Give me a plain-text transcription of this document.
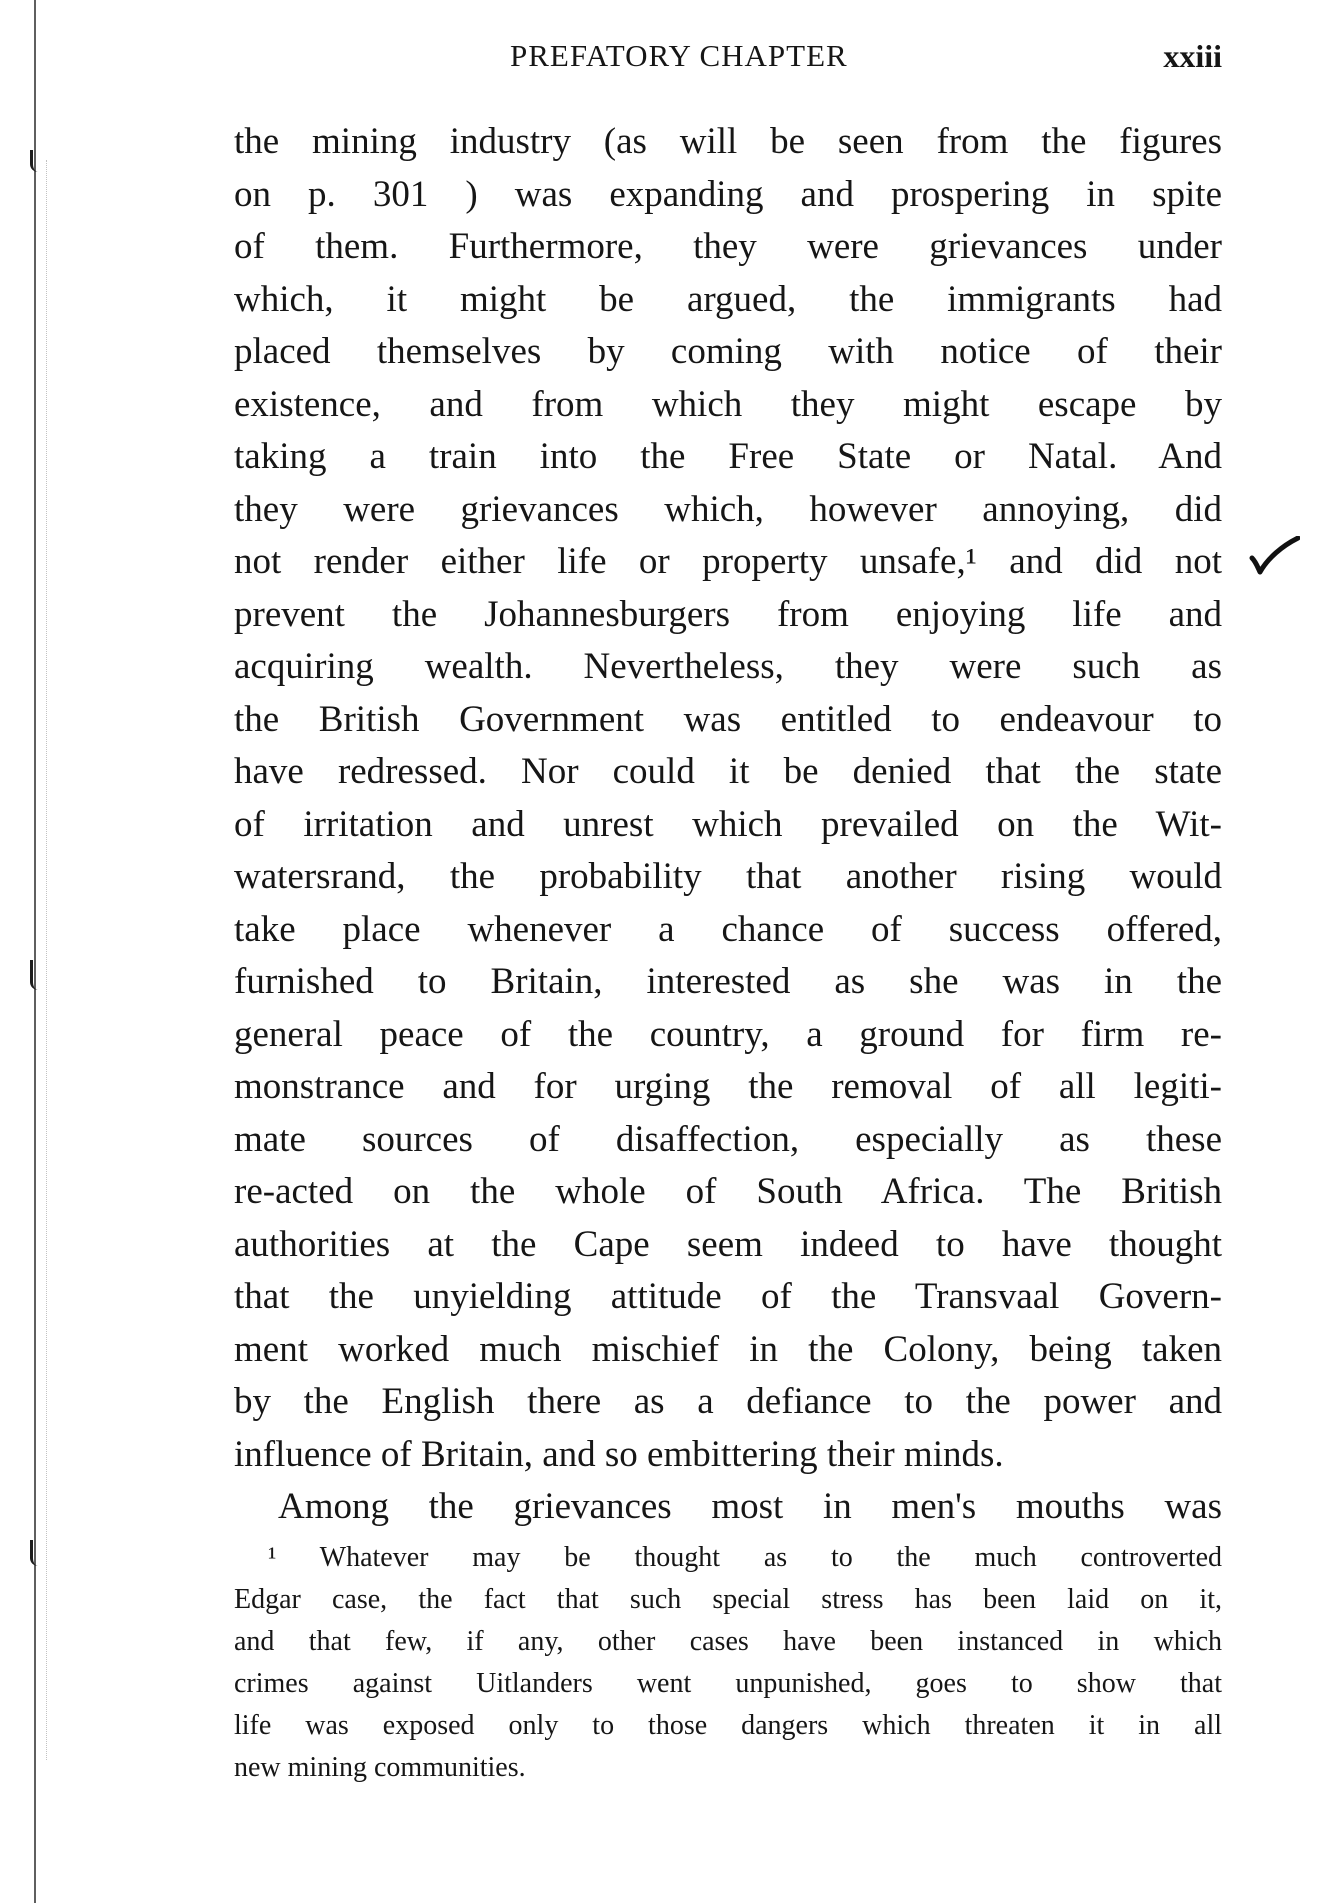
PREFATORY CHAPTER	xxiii
the mining industry (as will be seen from the figures
on p. 301 ) was expanding and prospering in spite
of them. Furthermore, they were grievances under
which, it might be argued, the immigrants had
placed themselves by coming with notice of their
existence, and from which they might escape by
taking a train into the Free State or Natal. And
they were grievances which, however annoying, did
not render either life or property unsafe,¹ and did not
prevent the Johannesburgers from enjoying life and
acquiring wealth. Nevertheless, they were such as
the British Government was entitled to endeavour to
have redressed. Nor could it be denied that the state
of irritation and unrest which prevailed on the Wit-
watersrand, the probability that another rising would
take place whenever a chance of success offered,
furnished to Britain, interested as she was in the
general peace of the country, a ground for firm re-
monstrance and for urging the removal of all legiti-
mate sources of disaffection, especially as these
re-acted on the whole of South Africa. The British
authorities at the Cape seem indeed to have thought
that the unyielding attitude of the Transvaal Govern-
ment worked much mischief in the Colony, being taken
by the English there as a defiance to the power and
influence of Britain, and so embittering their minds.
Among the grievances most in men's mouths was
¹ Whatever may be thought as to the much controverted
Edgar case, the fact that such special stress has been laid on it,
and that few, if any, other cases have been instanced in which
crimes against Uitlanders went unpunished, goes to show that
life was exposed only to those dangers which threaten it in all
new mining communities.
